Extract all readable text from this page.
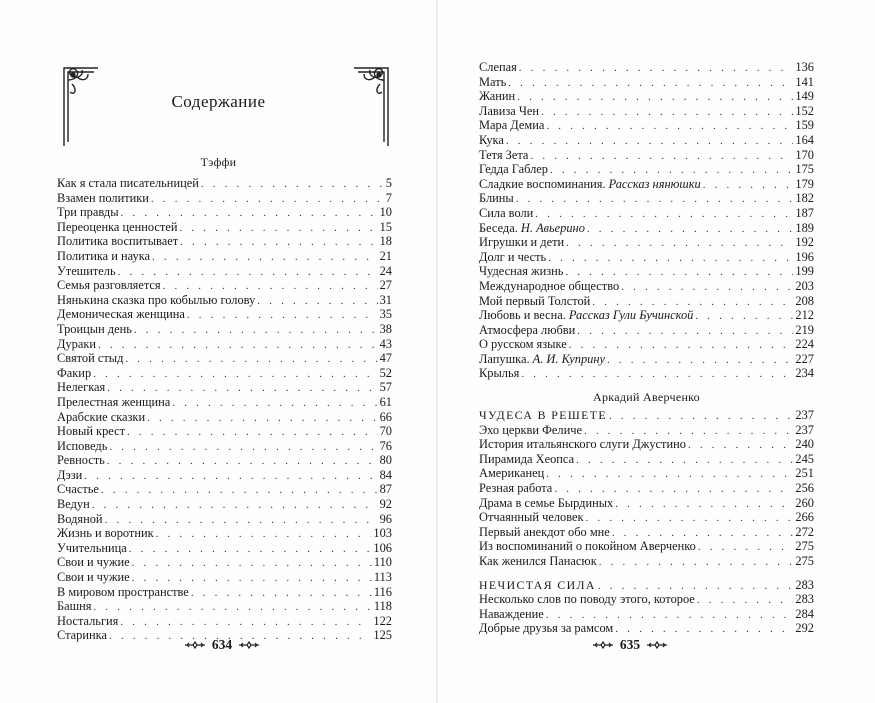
Содержание
Тэффи
Как я стала писательницей . . .	5
Взамен политики . . .	7
Три правды . . .	10
Переоценка ценностей . . .	15
Политика воспитывает . . .	18
Политика и наука . . .	21
Утешитель . . .	24
Семья разговляется . . .	27
Нянькина сказка про кобылью голову . . .	31
Демоническая женщина . . .	35
Троицын день . . .	38
Дураки . . .	43
Святой стыд . . .	47
Факир . . .	52
Нелегкая . . .	57
Прелестная женщина . . .	61
Арабские сказки . . .	66
Новый крест . . .	70
Исповедь . . .	76
Ревность . . .	80
Дэзи . . .	84
Счастье . . .	87
Ведун . . .	92
Водяной . . .	96
Жизнь и воротник . . .	103
Учительница . . .	106
Свои и чужие . . .	110
Свои и чужие . . .	113
В мировом пространстве . . .	116
Башня . . .	118
Ностальгия . . .	122
Старинка . . .	125
634	635
Слепая . . .	136
Мать . . .	141
Жанин . . .	149
Лавиза Чен . . .	152
Мара Демиа . . .	159
Кука . . .	164
Тетя Зета . . .	170
Гедда Габлер . . .	175
Сладкие воспоминания. Рассказ нянюшки . . .	179
Блины . . .	182
Сила воли . . .	187
Беседа. Н. Авьерино . . .	189
Игрушки и дети . . .	192
Долг и честь . . .	196
Чудесная жизнь . . .	199
Международное общество . . .	203
Мой первый Толстой . . .	208
Любовь и весна. Рассказ Гули Бучинской . . .	212
Атмосфера любви . . .	219
О русском языке . . .	224
Лапушка. А. И. Куприну . . .	227
Крылья . . .	234
Аркадий Аверченко
ЧУДЕСА В РЕШЕТЕ . . .	237
Эхо церкви Феличе . . .	237
История итальянского слуги Джустино . . .	240
Пирамида Хеопса . . .	245
Американец . . .	251
Резная работа . . .	256
Драма в семье Бырдиных . . .	260
Отчаянный человек . . .	266
Первый анекдот обо мне . . .	272
Из воспоминаний о покойном Аверченко . . .	275
Как женился Панасюк . . .	275
НЕЧИСТАЯ СИЛА . . .	283
Несколько слов по поводу этого, которое . . .	283
Наваждение . . .	284
Добрые друзья за рамсом . . .	292
